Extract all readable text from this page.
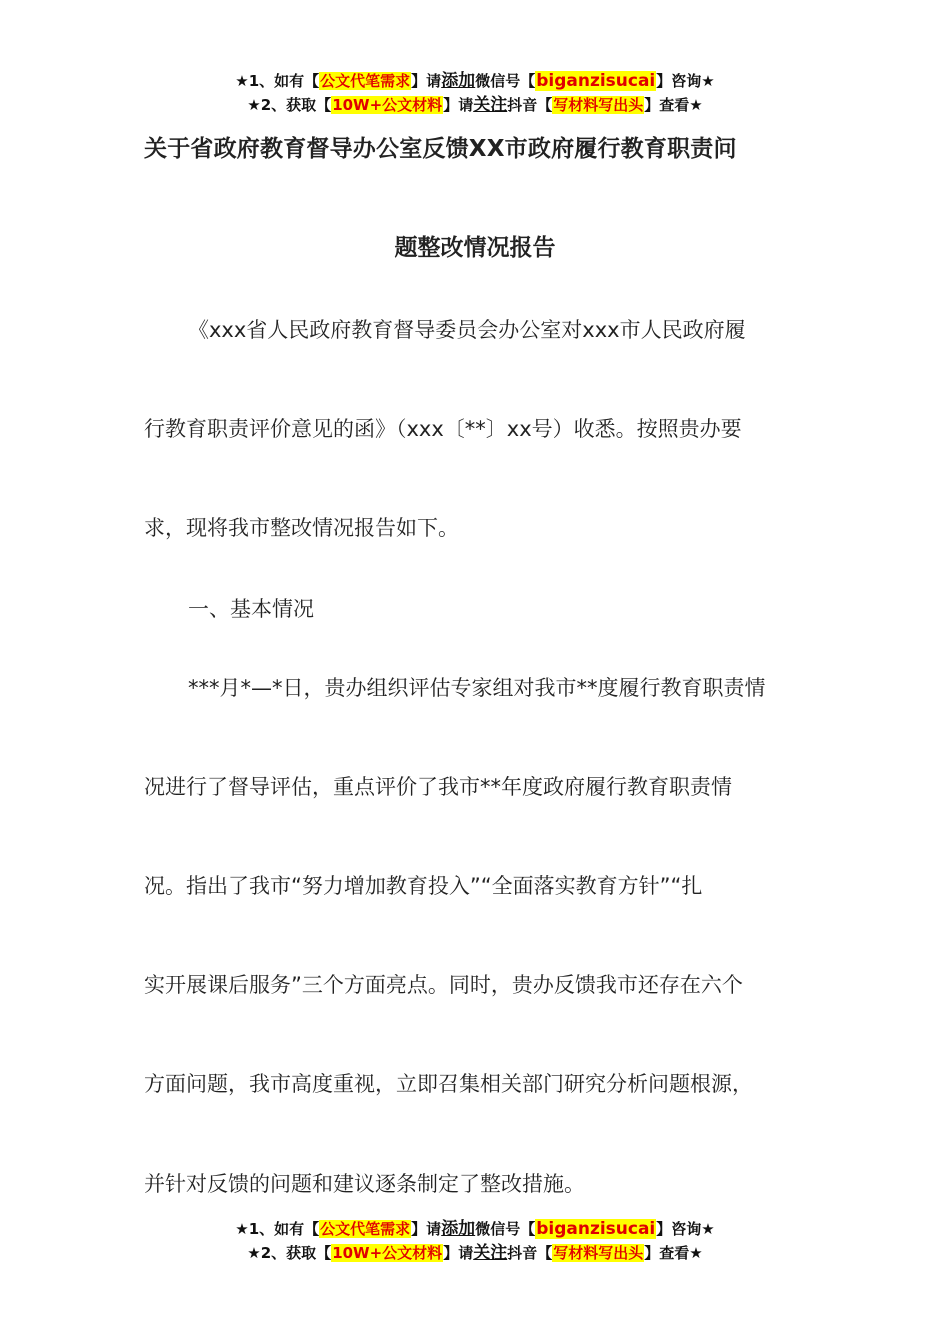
★1、如有【公文代笔需求】请添加微信号【biganzisucai】咨询★
★2、获取【10W+公文材料】请关注抖音【写材料写出头】查看★
关于省政府教育督导办公室反馈XX市政府履行教育职责问
题整改情况报告
《xxx省人民政府教育督导委员会办公室对xxx市人民政府履
行教育职责评价意见的函》（xxx〔**〕xx号）收悉。按照贵办要
求，现将我市整改情况报告如下。
一、基本情况
***月*—*日，贵办组织评估专家组对我市**度履行教育职责情
况进行了督导评估，重点评价了我市**年度政府履行教育职责情
况。指出了我市“努力增加教育投入”“全面落实教育方针”“扎
实开展课后服务”三个方面亮点。同时，贵办反馈我市还存在六个
方面问题，我市高度重视，立即召集相关部门研究分析问题根源，
并针对反馈的问题和建议逐条制定了整改措施。
★1、如有【公文代笔需求】请添加微信号【biganzisucai】咨询★
★2、获取【10W+公文材料】请关注抖音【写材料写出头】查看★
